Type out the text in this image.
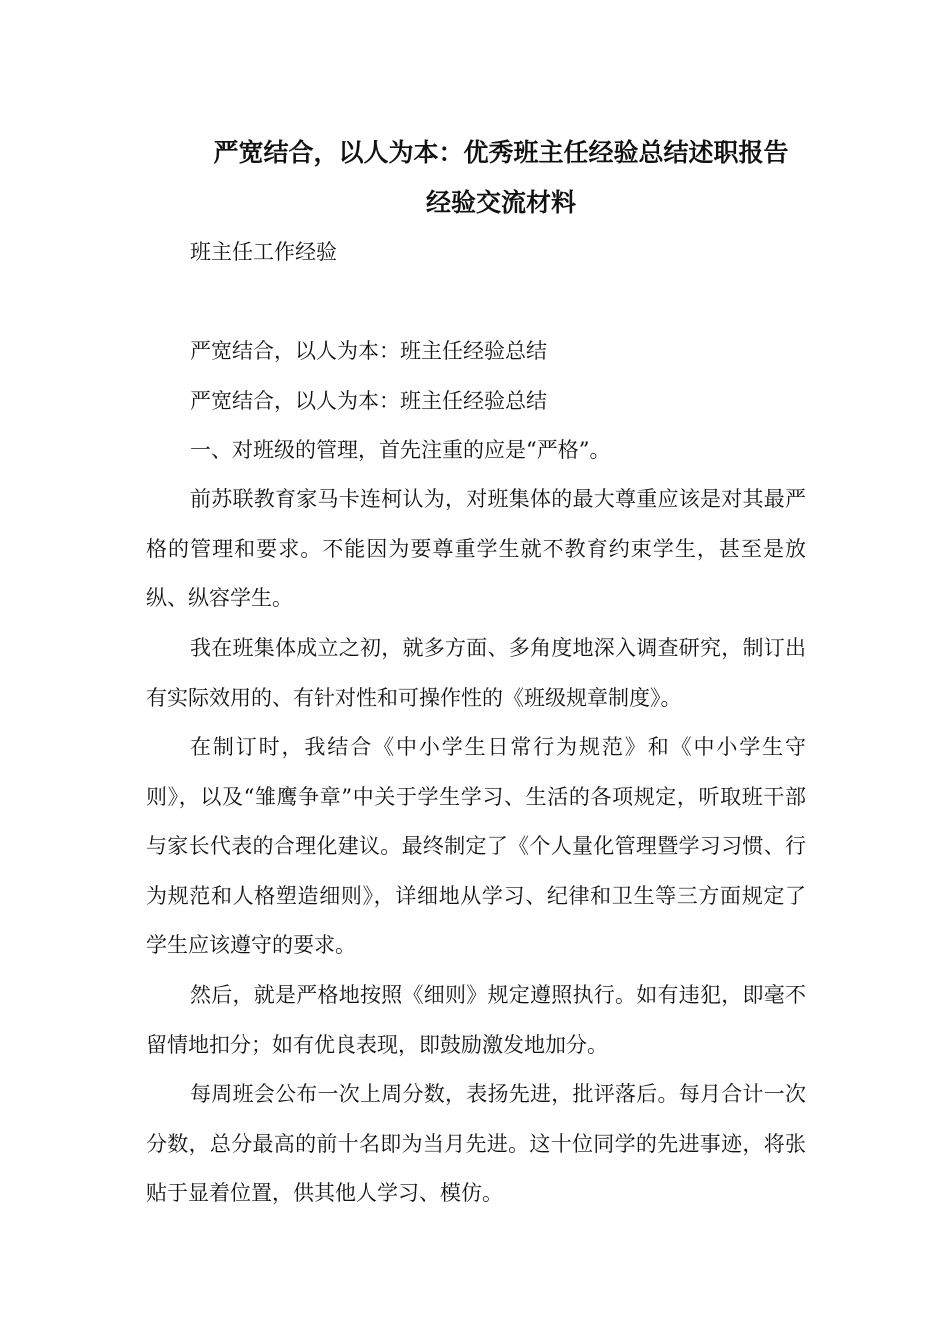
严宽结合，以人为本：优秀班主任经验总结述职报告

经验交流材料

班主任工作经验

严宽结合，以人为本：班主任经验总结

严宽结合，以人为本：班主任经验总结

一、对班级的管理，首先注重的应是“严格”。

前苏联教育家马卡连柯认为，对班集体的最大尊重应该是对其最严格的管理和要求。不能因为要尊重学生就不教育约束学生，甚至是放纵、纵容学生。

我在班集体成立之初，就多方面、多角度地深入调查研究，制订出有实际效用的、有针对性和可操作性的《班级规章制度》。

在制订时，我结合《中小学生日常行为规范》和《中小学生守则》，以及“雏鹰争章”中关于学生学习、生活的各项规定，听取班干部与家长代表的合理化建议。最终制定了《个人量化管理暨学习习惯、行为规范和人格塑造细则》，详细地从学习、纪律和卫生等三方面规定了学生应该遵守的要求。

然后，就是严格地按照《细则》规定遵照执行。如有违犯，即毫不留情地扣分；如有优良表现，即鼓励激发地加分。

每周班会公布一次上周分数，表扬先进，批评落后。每月合计一次分数，总分最高的前十名即为当月先进。这十位同学的先进事迹，将张贴于显着位置，供其他人学习、模仿。
